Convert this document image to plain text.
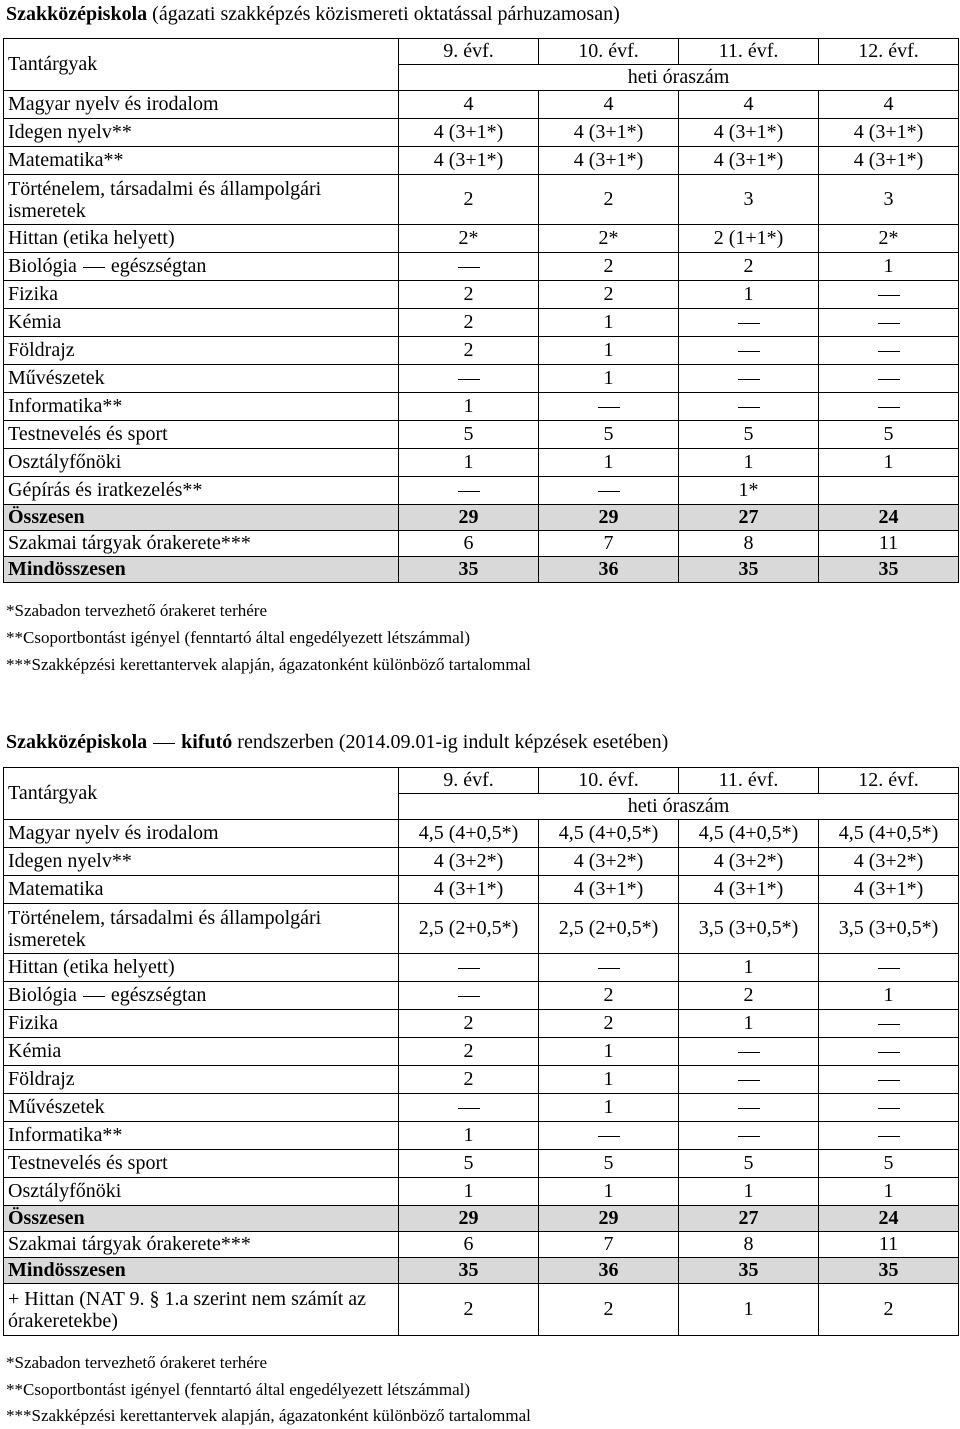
Szakközépiskola (ágazati szakképzés közismereti oktatással párhuzamosan)
Tantárgyak	9. évf.	10. évf.	11. évf.	12. évf.
	heti óraszám			
Magyar nyelv és irodalom	4	4	4	4
Idegen nyelv**	4 (3+1*)	4 (3+1*)	4 (3+1*)	4 (3+1*)
Matematika**	4 (3+1*)	4 (3+1*)	4 (3+1*)	4 (3+1*)
Történelem, társadalmi és állampolgári ismeretek	2	2	3	3
Hittan (etika helyett)	2*	2*	2 (1+1*)	2*
Biológia egészségtan		2	2	1
Fizika	2	2	1	
Kémia	2	1		
Földrajz	2	1		
Művészetek		1		
Informatika**	1			
Testnevelés és sport	5	5	5	5
Osztályfőnöki	1	1	1	1
Gépírás és iratkezelés**			1*	
Összesen	29	29	27	24
Szakmai tárgyak órakerete***	6	7	8	11
Mindösszesen	35	36	35	35
*Szabadon tervezhető órakeret terhére
**Csoportbontást igényel (fenntartó által engedélyezett létszámmal)
***Szakképzési kerettantervek alapján, ágazatonként különböző tartalommal
Szakközépiskola kifutó rendszerben (2014.09.01-ig indult képzések esetében)
Tantárgyak	9. évf.	10. évf.	11. évf.	12. évf.
	heti óraszám			
Magyar nyelv és irodalom	4,5 (4+0,5*)	4,5 (4+0,5*)	4,5 (4+0,5*)	4,5 (4+0,5*)
Idegen nyelv**	4 (3+2*)	4 (3+2*)	4 (3+2*)	4 (3+2*)
Matematika	4 (3+1*)	4 (3+1*)	4 (3+1*)	4 (3+1*)
Történelem, társadalmi és állampolgári ismeretek	2,5 (2+0,5*)	2,5 (2+0,5*)	3,5 (3+0,5*)	3,5 (3+0,5*)
Hittan (etika helyett)			1	
Biológia egészségtan		2	2	1
Fizika	2	2	1	
Kémia	2	1		
Földrajz	2	1		
Művészetek		1		
Informatika**	1			
Testnevelés és sport	5	5	5	5
Osztályfőnöki	1	1	1	1
Összesen	29	29	27	24
Szakmai tárgyak órakerete***	6	7	8	11
Mindösszesen	35	36	35	35
+ Hittan (NAT 9. § 1.a szerint nem számít az órakeretekbe)	2	2	1	2
*Szabadon tervezhető órakeret terhére
**Csoportbontást igényel (fenntartó által engedélyezett létszámmal)
***Szakképzési kerettantervek alapján, ágazatonként különböző tartalommal
